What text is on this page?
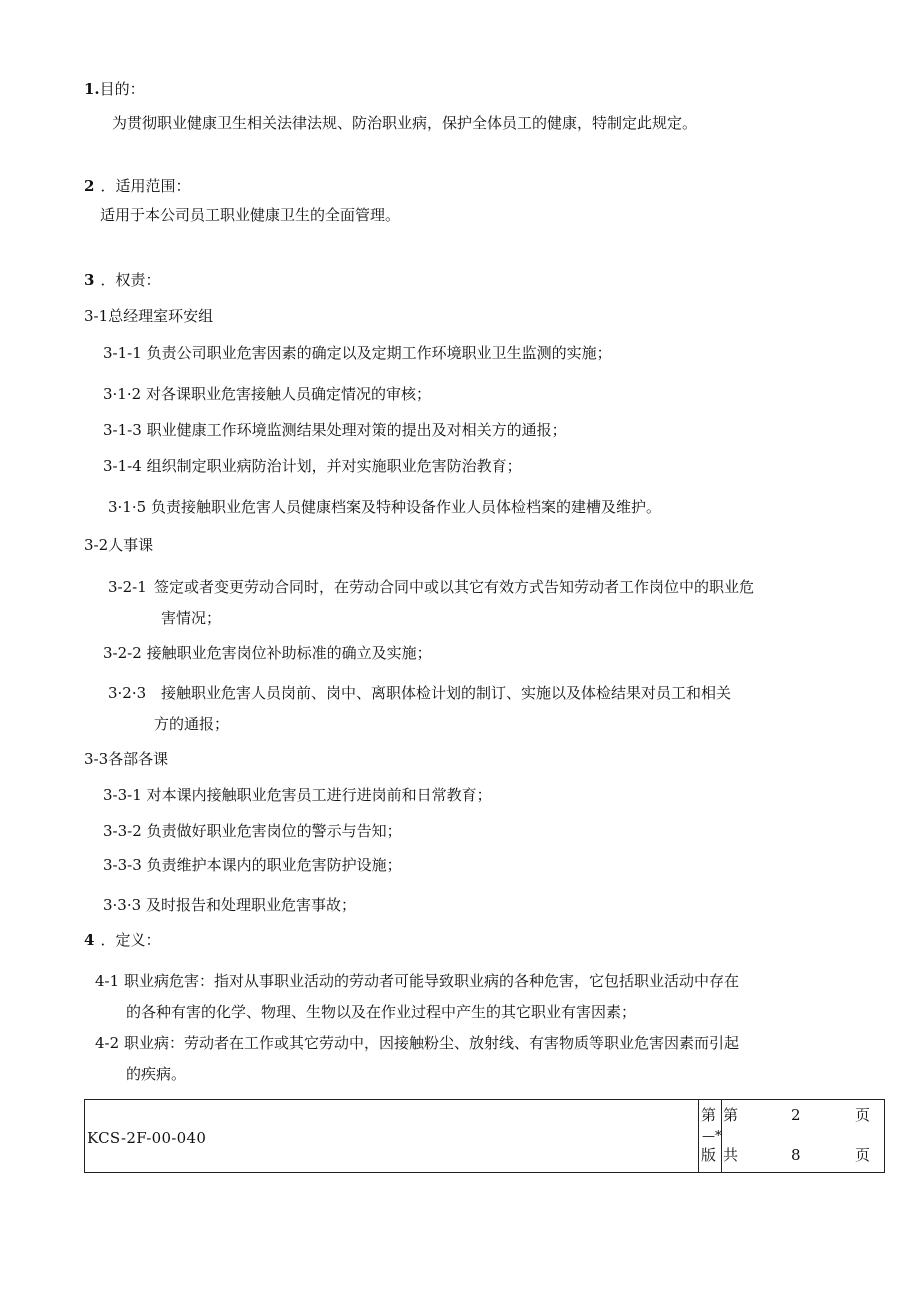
1.目的：
为贯彻职业健康卫生相关法律法规、防治职业病，保护全体员工的健康，特制定此规定。
2 ．适用范围：
适用于本公司员工职业健康卫生的全面管理。
3 ．权责：
3-1总经理室环安组
3-1-1 负责公司职业危害因素的确定以及定期工作环境职业卫生监测的实施；
3·1·2 对各课职业危害接触人员确定情况的审核；
3-1-3 职业健康工作环境监测结果处理对策的提出及对相关方的通报；
3-1-4 组织制定职业病防治计划，并对实施职业危害防治教育；
3·1·5 负责接触职业危害人员健康档案及特种设备作业人员体检档案的建槽及维护。
3-2人事课
3-2-1 签定或者变更劳动合同时，在劳动合同中或以其它有效方式告知劳动者工作岗位中的职业危
害情况；
3-2-2 接触职业危害岗位补助标准的确立及实施；
3·2·3 接触职业危害人员岗前、岗中、离职体检计划的制订、实施以及体检结果对员工和相关
方的通报；
3-3各部各课
3-3-1 对本课内接触职业危害员工进行进岗前和日常教育；
3-3-2 负责做好职业危害岗位的警示与告知；
3-3-3 负责维护本课内的职业危害防护设施；
3·3·3 及时报告和处理职业危害事故；
4 ．定义：
4-1 职业病危害：指对从事职业活动的劳动者可能导致职业病的各种危害，它包括职业活动中存在
的各种有害的化学、物理、生物以及在作业过程中产生的其它职业有害因素；
4-2 职业病：劳动者在工作或其它劳动中，因接触粉尘、放射线、有害物质等职业危害因素而引起
的疾病。
KCS-2F-00-040
第
—*
版
第	2	页
共	8	页
